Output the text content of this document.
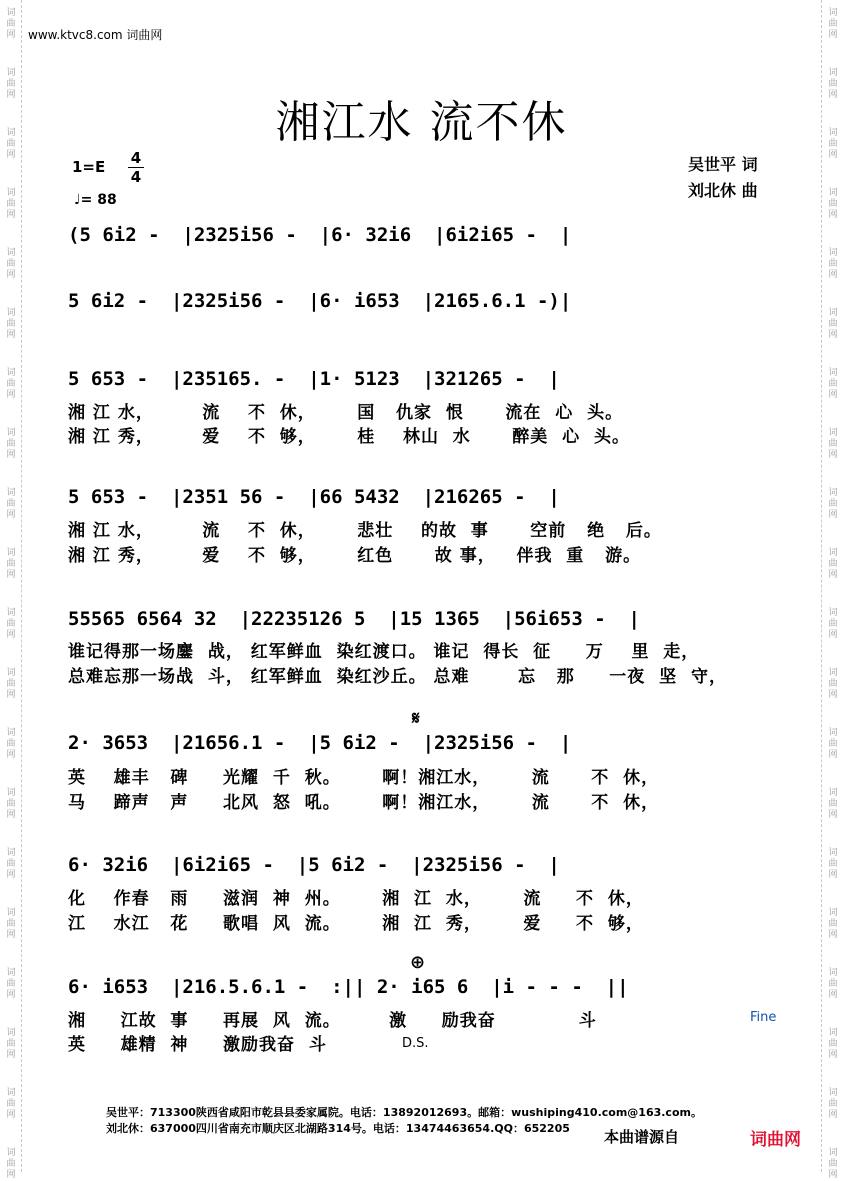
词
曲
网
词
曲
网
词
曲
网
词
曲
网
词
曲
网
词
曲
网
词
曲
网
词
曲
网
词
曲
网
词
曲
网
词
曲
网
词
曲
网
词
曲
网
词
曲
网
词
曲
网
词
曲
网
词
曲
网
词
曲
网
词
曲
网
词
曲
网
词
曲
网
词
曲
网
词
曲
网
词
曲
网
词
曲
网
词
曲
网
词
曲
网
词
曲
网
词
曲
网
词
曲
网
词
曲
网
词
曲
网
词
曲
网
词
曲
网
词
曲
网
词
曲
网
词
曲
网
词
曲
网
词
曲
网
词
曲
网
www.ktvc8.com 词曲网
湘江水 流不休
1=E 4
4
♩= 88
吴世平 词
刘北休 曲
(5 6i2 -  |2325i56 -  |6· 32i6  |6i2i65 -  |
5 6i2 -  |2325i56 -  |6· i653  |2165.6.1 -)|
5 653 -  |235165. -  |1· 5123  |321265 -  |
湘 江 水，       流    不  休，      国   仇家  恨      流在  心  头。
湘 江 秀，       爱    不  够，      桂    林山  水      醉美  心  头。
5 653 -  |2351 56 -  |66 5432  |216265 -  |
湘 江 水，       流    不  休，      悲壮    的故  事      空前   绝   后。
湘 江 秀，       爱    不  够，      红色      故 事，   伴我  重   游。
55565 6564 32  |22235126 5  |15 1365  |56i653 -  |
谁记得那一场鏖  战， 红军鲜血  染红渡口。 谁记  得长  征     万    里  走，
总难忘那一场战  斗， 红军鲜血  染红沙丘。 总难       忘   那     一夜  坚  守，
𝄋
2· 3653  |21656.1 -  |5 6i2 -  |2325i56 -  |
英    雄丰   碑     光耀  千  秋。      啊！湘江水，      流      不  休，
马    蹄声   声     北风  怒  吼。      啊！湘江水，      流      不  休，
6· 32i6  |6i2i65 -  |5 6i2 -  |2325i56 -  |
化    作春   雨     滋润  神  州。      湘  江  水，      流     不  休，
江    水江   花     歌唱  风  流。      湘  江  秀，      爱     不  够，
⊕
6· i653  |216.5.6.1 -  :|| 2· i65 6  |i - - -  ||
湘     江故  事     再展  风  流。       激     励我奋            斗
英     雄精  神     激励我奋  斗	D.S.
Fine
吴世平：713300陕西省咸阳市乾县县委家属院。电话：13892012693。邮箱：wushiping410.com@163.com。
刘北休：637000四川省南充市顺庆区北湖路314号。电话：13474463654.QQ：652205 本曲谱源自	词曲网
